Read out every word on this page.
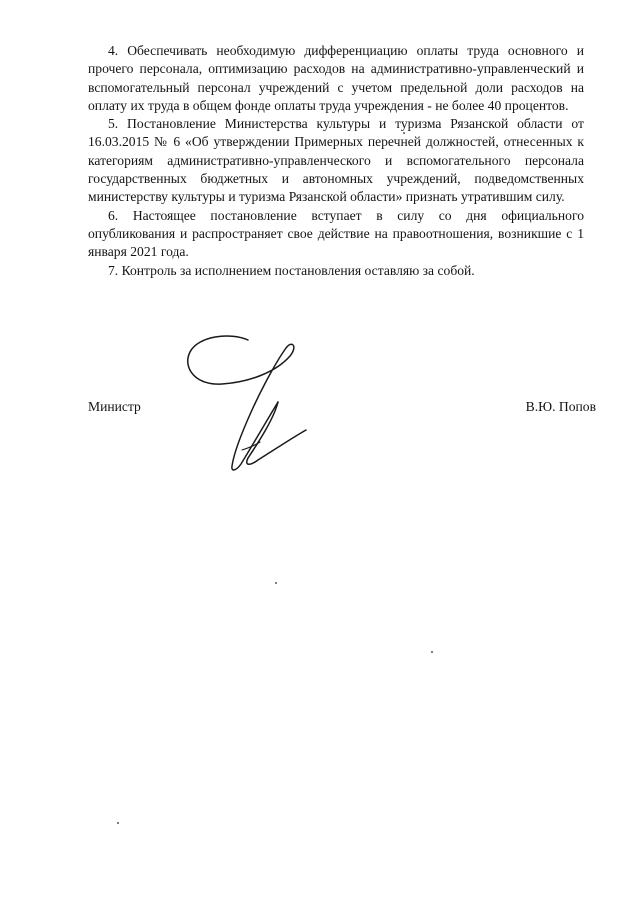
4. Обеспечивать необходимую дифференциацию оплаты труда основного и прочего персонала, оптимизацию расходов на административно-управленческий и вспомогательный персонал учреждений с учетом предельной доли расходов на оплату их труда в общем фонде оплаты труда учреждения - не более 40 процентов.

5. Постановление Министерства культуры и туризма Рязанской области от 16.03.2015 № 6 «Об утверждении Примерных перечней должностей, отнесенных к категориям административно-управленческого и вспомогательного персонала государственных бюджетных и автономных учреждений, подведомственных министерству культуры и туризма Рязанской области» признать утратившим силу.

6. Настоящее постановление вступает в силу со дня официального опубликования и распространяет свое действие на правоотношения, возникшие с 1 января 2021 года.

7. Контроль за исполнением постановления оставляю за собой.

Министр	В.Ю. Попов
